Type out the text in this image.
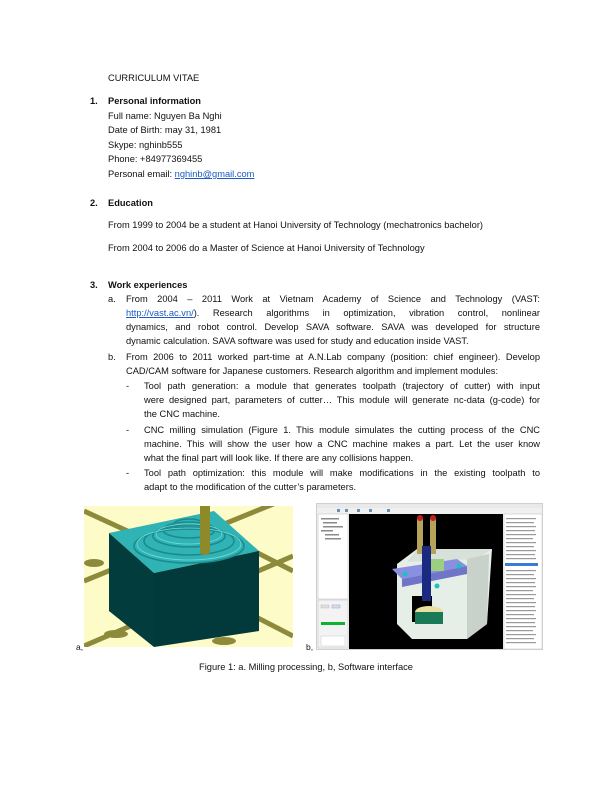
CURRICULUM VITAE
1. Personal information
Full name: Nguyen Ba Nghi
Date of Birth: may 31, 1981
Skype: nghinb555
Phone: +84977369455
Personal email: nghinb@gmail.com
2. Education
From 1999 to 2004 be a student at Hanoi University of Technology (mechatronics bachelor)
From 2004 to 2006 do a Master of Science at Hanoi University of Technology
3. Work experiences
a. From 2004 – 2011 Work at Vietnam Academy of Science and Technology (VAST:
http://vast.ac.vn/ ). Research algorithms in optimization, vibration control, nonlinear
dynamics, and robot control. Develop SAVA software. SAVA was developed for structure
dynamic calculation. SAVA software was used for study and education inside VAST.
b. From 2006 to 2011 worked part-time at A.N.Lab company (position: chief engineer). Develop
CAD/CAM software for Japanese customers. Research algorithm and implement modules:
- Tool path generation: a module that generates toolpath (trajectory of cutter) with input
were designed part, parameters of cutter… This module will generate nc-data (g-code) for
the CNC machine.
- CNC milling simulation (Figure 1. This module simulates the cutting process of the CNC
machine. This will show the user how a CNC machine makes a part. Let the user know
what the final part will look like. If there are any collisions happen.
- Tool path optimization: this module will make modifications in the existing toolpath to
adapt to the modification of the cutter’s parameters.
a,	b,
Figure 1: a. Milling processing, b, Software interface
